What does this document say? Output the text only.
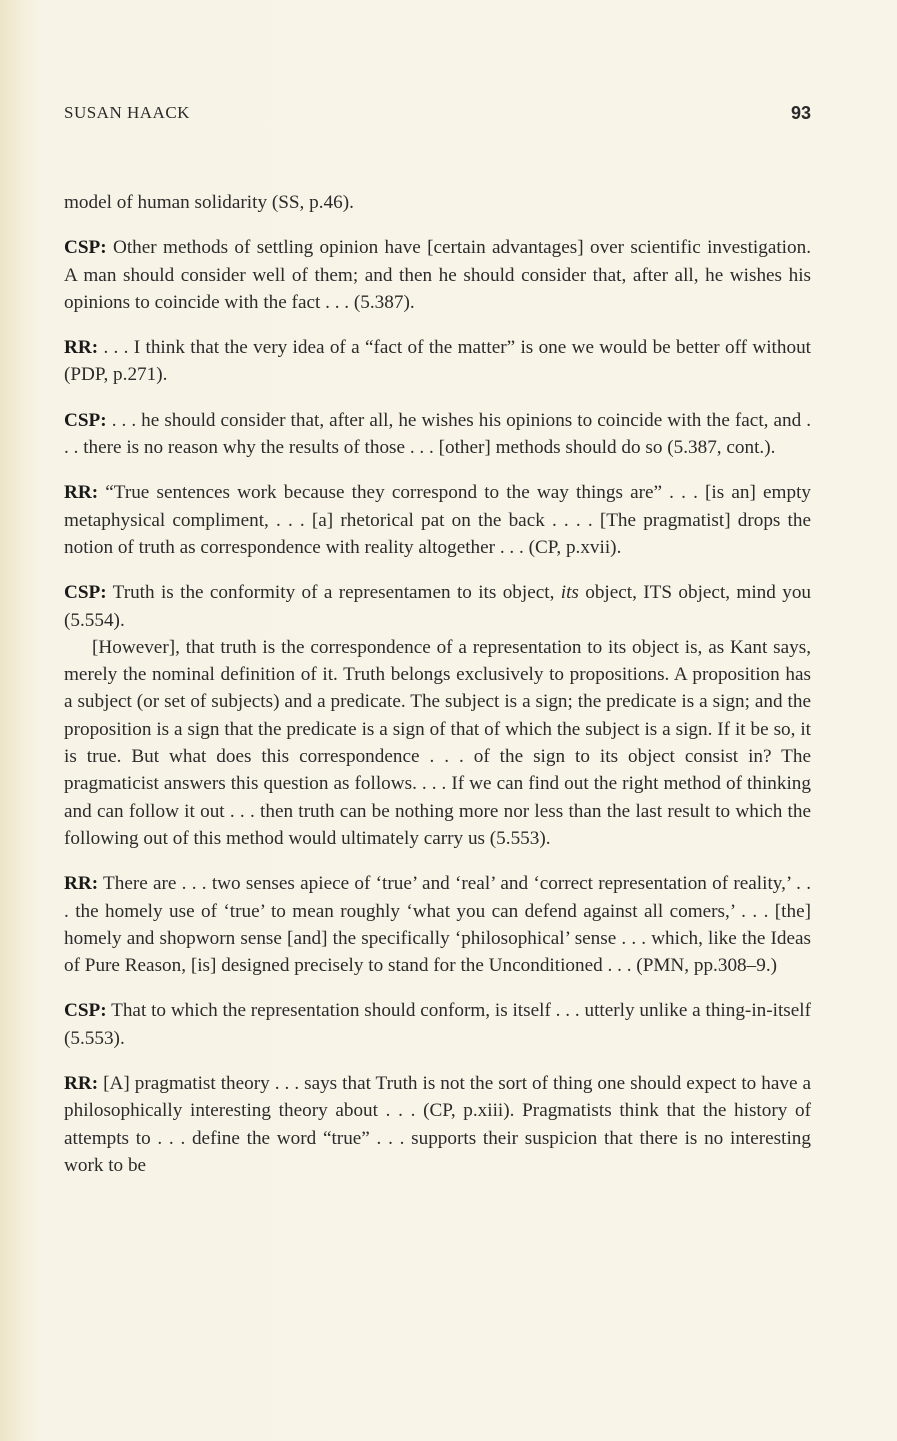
SUSAN HAACK	93

model of human solidarity (SS, p.46).

CSP: Other methods of settling opinion have [certain advantages] over scientific investigation. A man should consider well of them; and then he should consider that, after all, he wishes his opinions to coincide with the fact . . . (5.387).

RR: . . . I think that the very idea of a “fact of the matter” is one we would be better off without (PDP, p.271).

CSP: . . . he should consider that, after all, he wishes his opinions to coincide with the fact, and . . . there is no reason why the results of those . . . [other] methods should do so (5.387, cont.).

RR: “True sentences work because they correspond to the way things are” . . . [is an] empty metaphysical compliment, . . . [a] rhetorical pat on the back . . . . [The pragmatist] drops the notion of truth as correspondence with reality altogether . . . (CP, p.xvii).

CSP: Truth is the conformity of a representamen to its object, its object, ITS object, mind you (5.554).

[However], that truth is the correspondence of a representation to its object is, as Kant says, merely the nominal definition of it. Truth belongs exclusively to propositions. A proposition has a subject (or set of subjects) and a predicate. The subject is a sign; the predicate is a sign; and the proposition is a sign that the predicate is a sign of that of which the subject is a sign. If it be so, it is true. But what does this correspondence . . . of the sign to its object consist in? The pragmaticist answers this question as follows. . . . If we can find out the right method of thinking and can follow it out . . . then truth can be nothing more nor less than the last result to which the following out of this method would ultimately carry us (5.553).

RR: There are . . . two senses apiece of ‘true’ and ‘real’ and ‘correct representation of reality,’ . . . the homely use of ‘true’ to mean roughly ‘what you can defend against all comers,’ . . . [the] homely and shopworn sense [and] the specifically ‘philosophical’ sense . . . which, like the Ideas of Pure Reason, [is] designed precisely to stand for the Unconditioned . . . (PMN, pp.308–9.)

CSP: That to which the representation should conform, is itself . . . utterly unlike a thing-in-itself (5.553).

RR: [A] pragmatist theory . . . says that Truth is not the sort of thing one should expect to have a philosophically interesting theory about . . . (CP, p.xiii). Pragmatists think that the history of attempts to . . . define the word “true” . . . supports their suspicion that there is no interesting work to be
